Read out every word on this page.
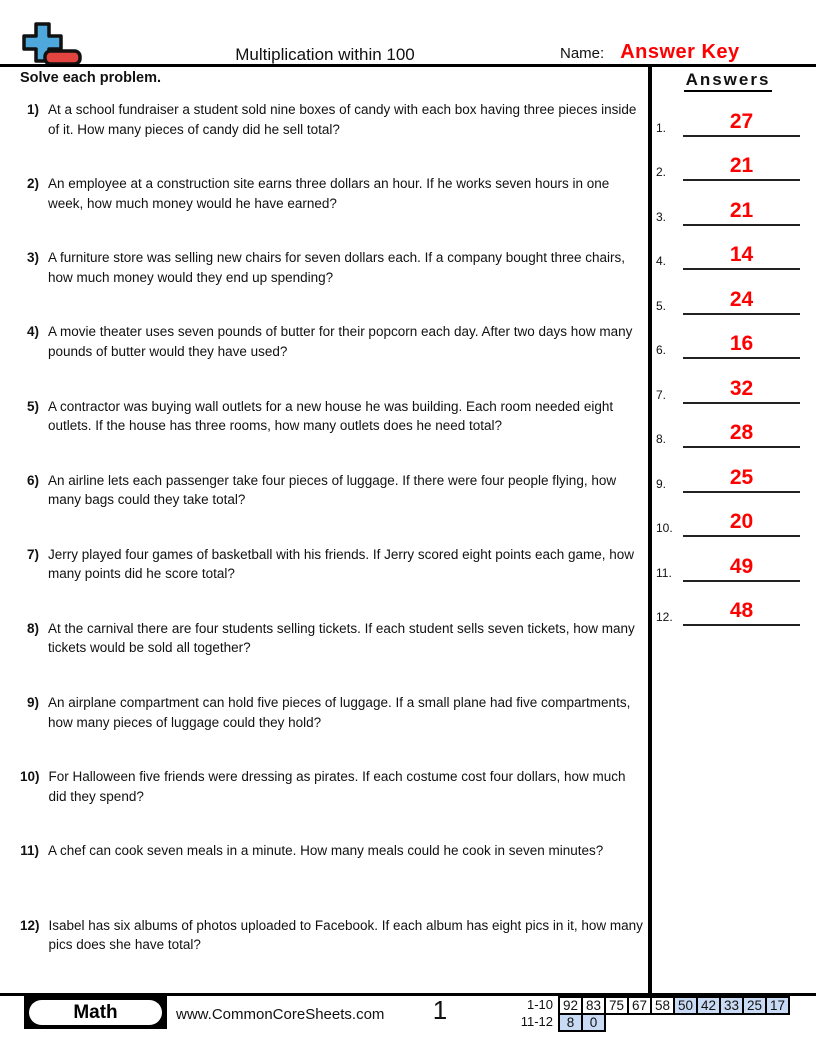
Multiplication within 100	Name: Answer Key
Solve each problem.
1) At a school fundraiser a student sold nine boxes of candy with each box having three pieces inside of it. How many pieces of candy did he sell total?
2) An employee at a construction site earns three dollars an hour. If he works seven hours in one week, how much money would he have earned?
3) A furniture store was selling new chairs for seven dollars each. If a company bought three chairs, how much money would they end up spending?
4) A movie theater uses seven pounds of butter for their popcorn each day. After two days how many pounds of butter would they have used?
5) A contractor was buying wall outlets for a new house he was building. Each room needed eight outlets. If the house has three rooms, how many outlets does he need total?
6) An airline lets each passenger take four pieces of luggage. If there were four people flying, how many bags could they take total?
7) Jerry played four games of basketball with his friends. If Jerry scored eight points each game, how many points did he score total?
8) At the carnival there are four students selling tickets. If each student sells seven tickets, how many tickets would be sold all together?
9) An airplane compartment can hold five pieces of luggage. If a small plane had five compartments, how many pieces of luggage could they hold?
10) For Halloween five friends were dressing as pirates. If each costume cost four dollars, how much did they spend?
11) A chef can cook seven meals in a minute. How many meals could he cook in seven minutes?
12) Isabel has six albums of photos uploaded to Facebook. If each album has eight pics in it, how many pics does she have total?
Answers
1.	27
2.	21
3.	21
4.	14
5.	24
6.	16
7.	32
8.	28
9.	25
10.	20
11.	49
12.	48
Math	www.CommonCoreSheets.com	1	1-10 92 83 75 67 58 50 42 33 25 17
11-12	8	0
